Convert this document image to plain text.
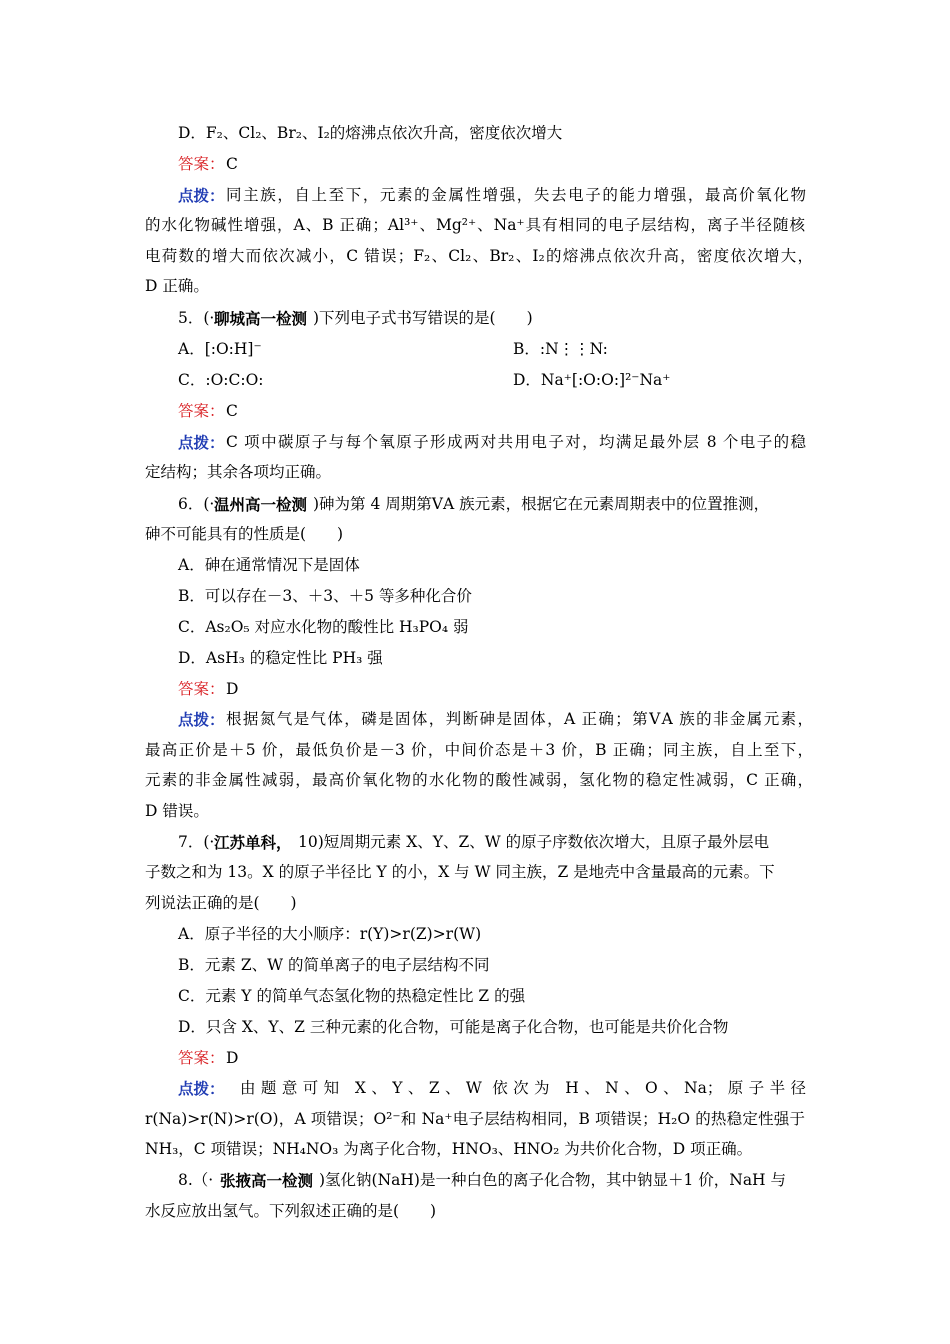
D．F₂、Cl₂、Br₂、I₂的熔沸点依次升高，密度依次增大
答案： C
点拨： 同主族，自上至下，元素的金属性增强，失去电子的能力增强，最高价氧化物
的水化物碱性增强，A、B 正确；Al³⁺、Mg²⁺、Na⁺具有相同的电子层结构，离子半径随核
电荷数的增大而依次减小，C 错误；F₂、Cl₂、Br₂、I₂的熔沸点依次升高，密度依次增大，
D 正确。
5．(· 聊城高一检测 )下列电子式书写错误的是(　　)
A．[:O:H]⁻	B．:N⋮⋮N:
C．:O:C:O:	D．Na⁺[:O:O:]²⁻Na⁺
答案： C
点拨： C 项中碳原子与每个氧原子形成两对共用电子对，均满足最外层 8 个电子的稳
定结构；其余各项均正确。
6．(· 温州高一检测 )砷为第 4 周期第ⅤA 族元素，根据它在元素周期表中的位置推测，
砷不可能具有的性质是(　　)
A．砷在通常情况下是固体
B．可以存在－3、＋3、＋5 等多种化合价
C．As₂O₅ 对应水化物的酸性比 H₃PO₄ 弱
D．AsH₃ 的稳定性比 PH₃ 强
答案： D
点拨： 根据氮气是气体，磷是固体，判断砷是固体，A 正确；第ⅤA 族的非金属元素，
最高正价是＋5 价，最低负价是－3 价，中间价态是＋3 价，B 正确；同主族，自上至下，
元素的非金属性减弱，最高价氧化物的水化物的酸性减弱，氢化物的稳定性减弱，C 正确，
D 错误。
7．(· 江苏单科， 10)短周期元素 X、Y、Z、W 的原子序数依次增大，且原子最外层电
子数之和为 13。X 的原子半径比 Y 的小，X 与 W 同主族，Z 是地壳中含量最高的元素。下
列说法正确的是(　　)
A．原子半径的大小顺序：r(Y)>r(Z)>r(W)
B．元素 Z、W 的简单离子的电子层结构不同
C．元素 Y 的简单气态氢化物的热稳定性比 Z 的强
D．只含 X、Y、Z 三种元素的化合物，可能是离子化合物，也可能是共价化合物
答案： D
点拨： 由题意可知 X、Y、Z、W 依次为 H、N、O、Na；原子半径
r(Na)>r(N)>r(O)，A 项错误；O²⁻和 Na⁺电子层结构相同，B 项错误；H₂O 的热稳定性强于
NH₃，C 项错误；NH₄NO₃ 为离子化合物，HNO₃、HNO₂ 为共价化合物，D 项正确。
8.（· 张掖高一检测 )氢化钠(NaH)是一种白色的离子化合物，其中钠显＋1 价，NaH 与
水反应放出氢气。下列叙述正确的是(　　)
